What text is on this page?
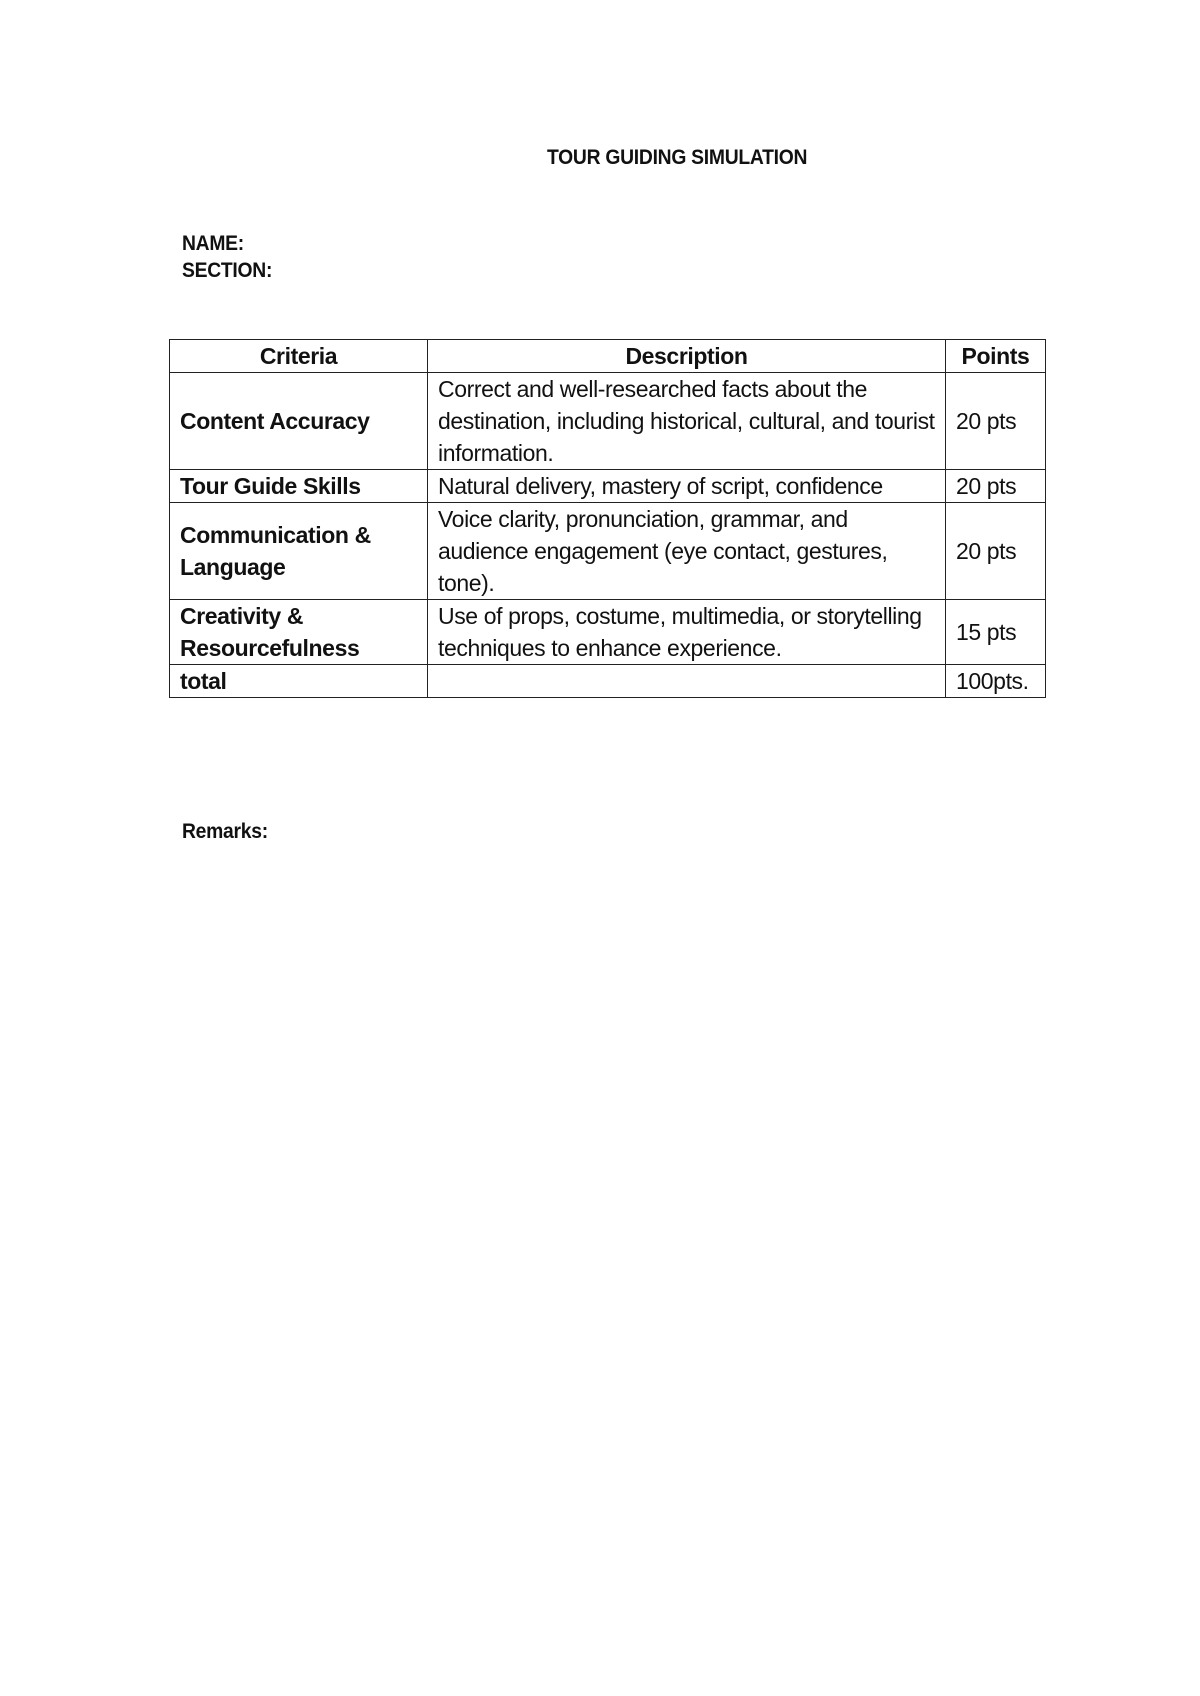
TOUR GUIDING SIMULATION
NAME:
SECTION:
Criteria	Description	Points
Content Accuracy	Correct and well-researched facts about the destination, including historical, cultural, and tourist information.	20 pts
Tour Guide Skills	Natural delivery, mastery of script, confidence	20 pts
Communication & Language	Voice clarity, pronunciation, grammar, and audience engagement (eye contact, gestures, tone).	20 pts
Creativity & Resourcefulness	Use of props, costume, multimedia, or storytelling techniques to enhance experience.	15 pts
total		100pts.
Remarks:
